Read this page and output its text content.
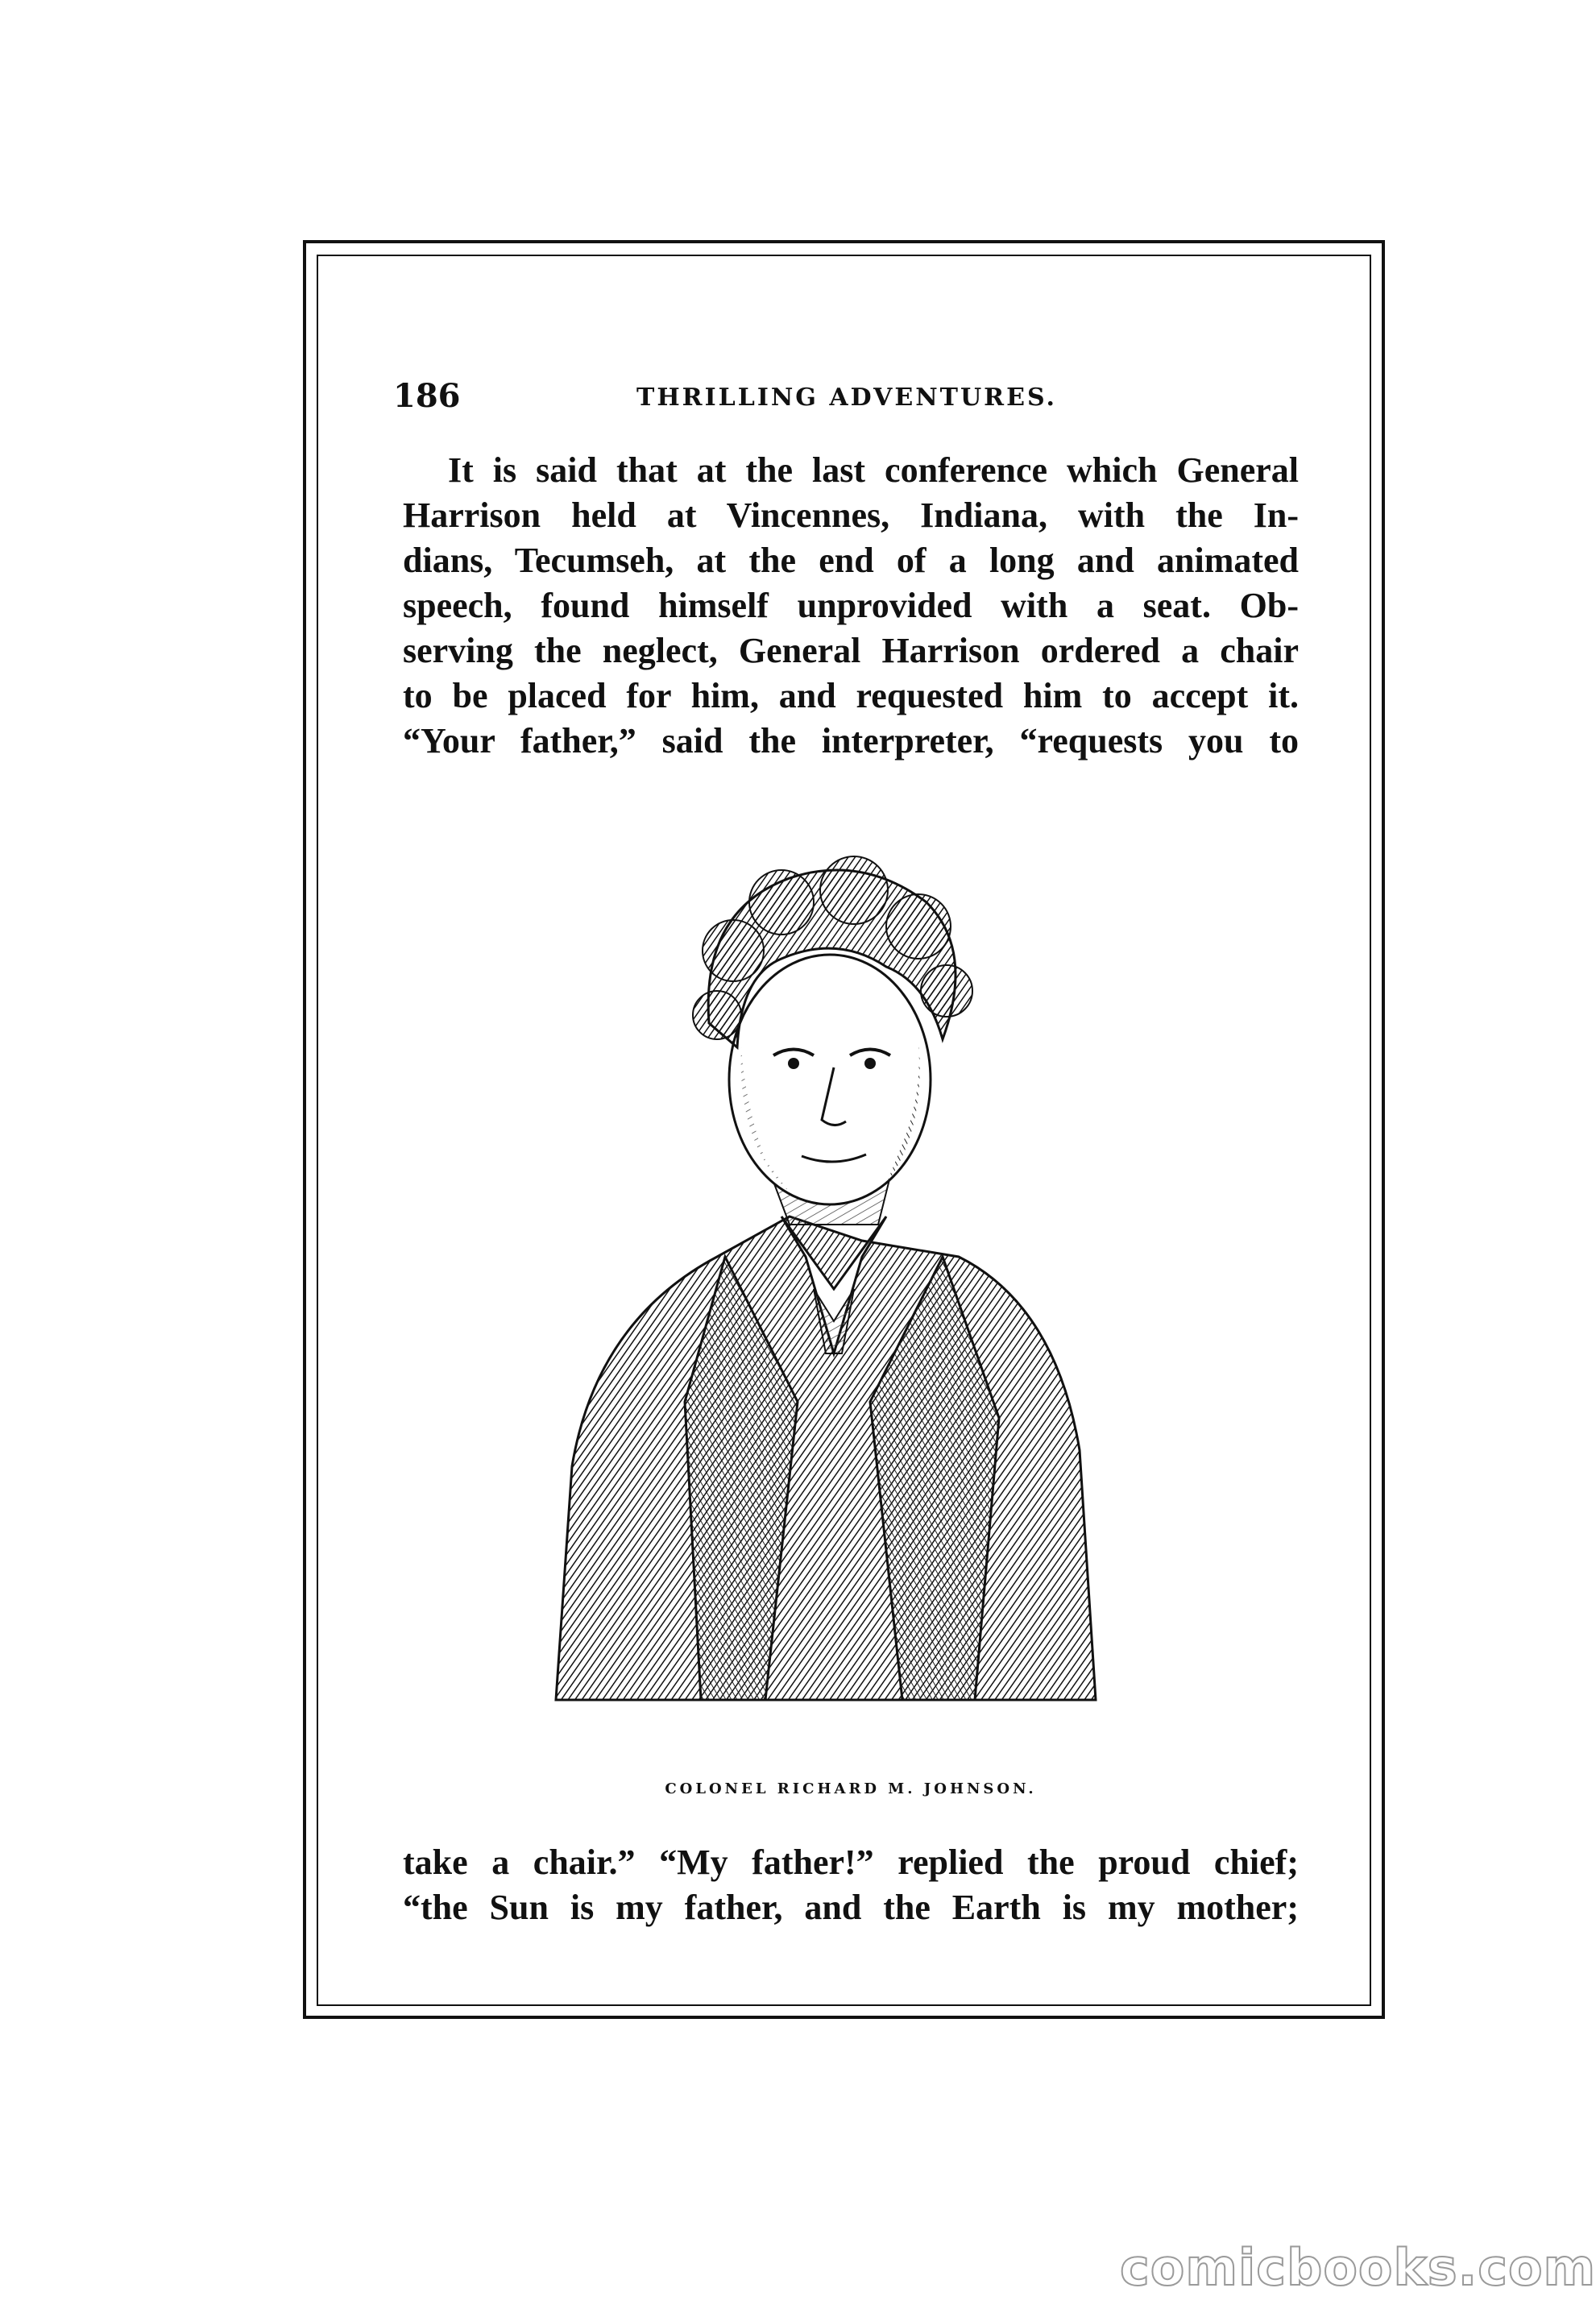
186	THRILLING ADVENTURES.
It is said that at the last conference which General
Harrison held at Vincennes, Indiana, with the In-
dians, Tecumseh, at the end of a long and animated
speech, found himself unprovided with a seat. Ob-
serving the neglect, General Harrison ordered a chair
to be placed for him, and requested him to accept it.
“Your father,” said the interpreter, “requests you to
COLONEL RICHARD M. JOHNSON.
take a chair.” “My father!” replied the proud chief;
“the Sun is my father, and the Earth is my mother;
comicbooks.com
